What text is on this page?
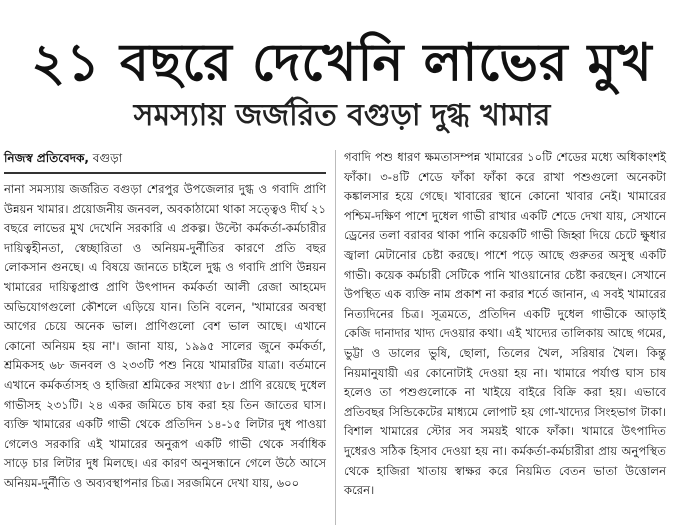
২১ বছরে দেখেনি লাভের মুখ
সমস্যায় জর্জরিত বগুড়া দুগ্ধ খামার
নিজস্ব প্রতিবেদক, বগুড়া

নানা সমস্যায় জর্জরিত বগুড়া শেরপুর উপজেলার দুগ্ধ ও গবাদি প্রাণি উন্নয়ন খামার। প্রয়োজনীয় জনবল, অবকাঠামো থাকা সত্ত্বেও দীর্ঘ ২১ বছরে লাভের মুখ দেখেনি সরকারি এ প্রকল্প। উল্টো কর্মকর্তা-কর্মচারীর দায়িত্বহীনতা, স্বেচ্ছারিতা ও অনিয়ম-দুর্নীতির কারণে প্রতি বছর লোকসান গুনছে। এ বিষয়ে জানতে চাইলে দুগ্ধ ও গবাদি প্রাণি উন্নয়ন খামারের দায়িত্বপ্রাপ্ত প্রাণি উৎপাদন কর্মকর্তা আলী রেজা আহমেদ অভিযোগগুলো কৌশলে এড়িয়ে যান। তিনি বলেন, 'খামারের অবস্থা আগের চেয়ে অনেক ভাল। প্রাণিগুলো বেশ ভাল আছে। এখানে কোনো অনিয়ম হয় না'। জানা যায়, ১৯৯৫ সালের জুনে কর্মকর্তা, শ্রমিকসহ ৬৮ জনবল ও ২৩৩টি পশু নিয়ে খামারটির যাত্রা। বর্তমানে এখানে কর্মকর্তাসহ ও হাজিরা শ্রমিকের সংখ্যা ৫৮। প্রাণি রয়েছে দুধেল গাভীসহ ২৩১টি। ২৪ একর জমিতে চাষ করা হয় তিন জাতের ঘাস। ব্যক্তি খামারের একটি গাভী থেকে প্রতিদিন ১৪-১৫ লিটার দুধ পাওয়া গেলেও সরকারি এই খামারের অনুরূপ একটি গাভী থেকে সর্বাধিক সাড়ে চার লিটার দুধ মিলছে। এর কারণ অনুসন্ধানে গেলে উঠে আসে অনিয়ম-দুর্নীতি ও অব্যবস্থাপনার চিত্র। সরজমিনে দেখা যায়, ৬০০

গবাদি পশু ধারণ ক্ষমতাসম্পন্ন খামারের ১০টি শেডের মধ্যে অধিকাংশই ফাঁকা। ৩-৪টি শেডে ফাঁকা ফাঁকা করে রাখা পশুগুলো অনেকটা কঙ্কালসার হয়ে গেছে। খাবারের স্থানে কোনো খাবার নেই। খামারের পশ্চিম-দক্ষিণ পাশে দুধেল গাভী রাখার একটি শেডে দেখা যায়, সেখানে ড্রেনের তলা বরাবর থাকা পানি কয়েকটি গাভী জিহ্বা দিয়ে চেটে ক্ষুধার জ্বালা মেটানোর চেষ্টা করছে। পাশে পড়ে আছে গুরুতর অসুস্থ একটি গাভী। কয়েক কর্মচারী সেটিকে পানি খাওয়ানোর চেষ্টা করছেন। সেখানে উপস্থিত এক ব্যক্তি নাম প্রকাশ না করার শর্তে জানান, এ সবই খামারের নিত্যদিনের চিত্র। সূত্রমতে, প্রতিদিন একটি দুধেল গাভীকে আড়াই কেজি দানাদার খাদ্য দেওয়ার কথা। এই খাদ্যের তালিকায় আছে গমের, ভুট্টা ও ডালের ভুষি, ছোলা, তিলের খৈল, সরিষার খৈল। কিন্তু নিয়মানুযায়ী এর কোনোটাই দেওয়া হয় না। খামারে পর্যাপ্ত ঘাস চাষ হলেও তা পশুগুলোকে না খাইয়ে বাইরে বিক্রি করা হয়। এভাবে প্রতিবছর সিন্ডিকেটের মাধ্যমে লোপাট হয় গো-খাদ্যের সিংহভাগ টাকা। বিশাল খামারের স্টোর সব সময়ই থাকে ফাঁকা। খামারে উৎপাদিত দুধেরও সঠিক হিসাব দেওয়া হয় না। কর্মকর্তা-কর্মচারীরা প্রায় অনুপস্থিত থেকে হাজিরা খাতায় স্বাক্ষর করে নিয়মিত বেতন ভাতা উত্তোলন করেন।
